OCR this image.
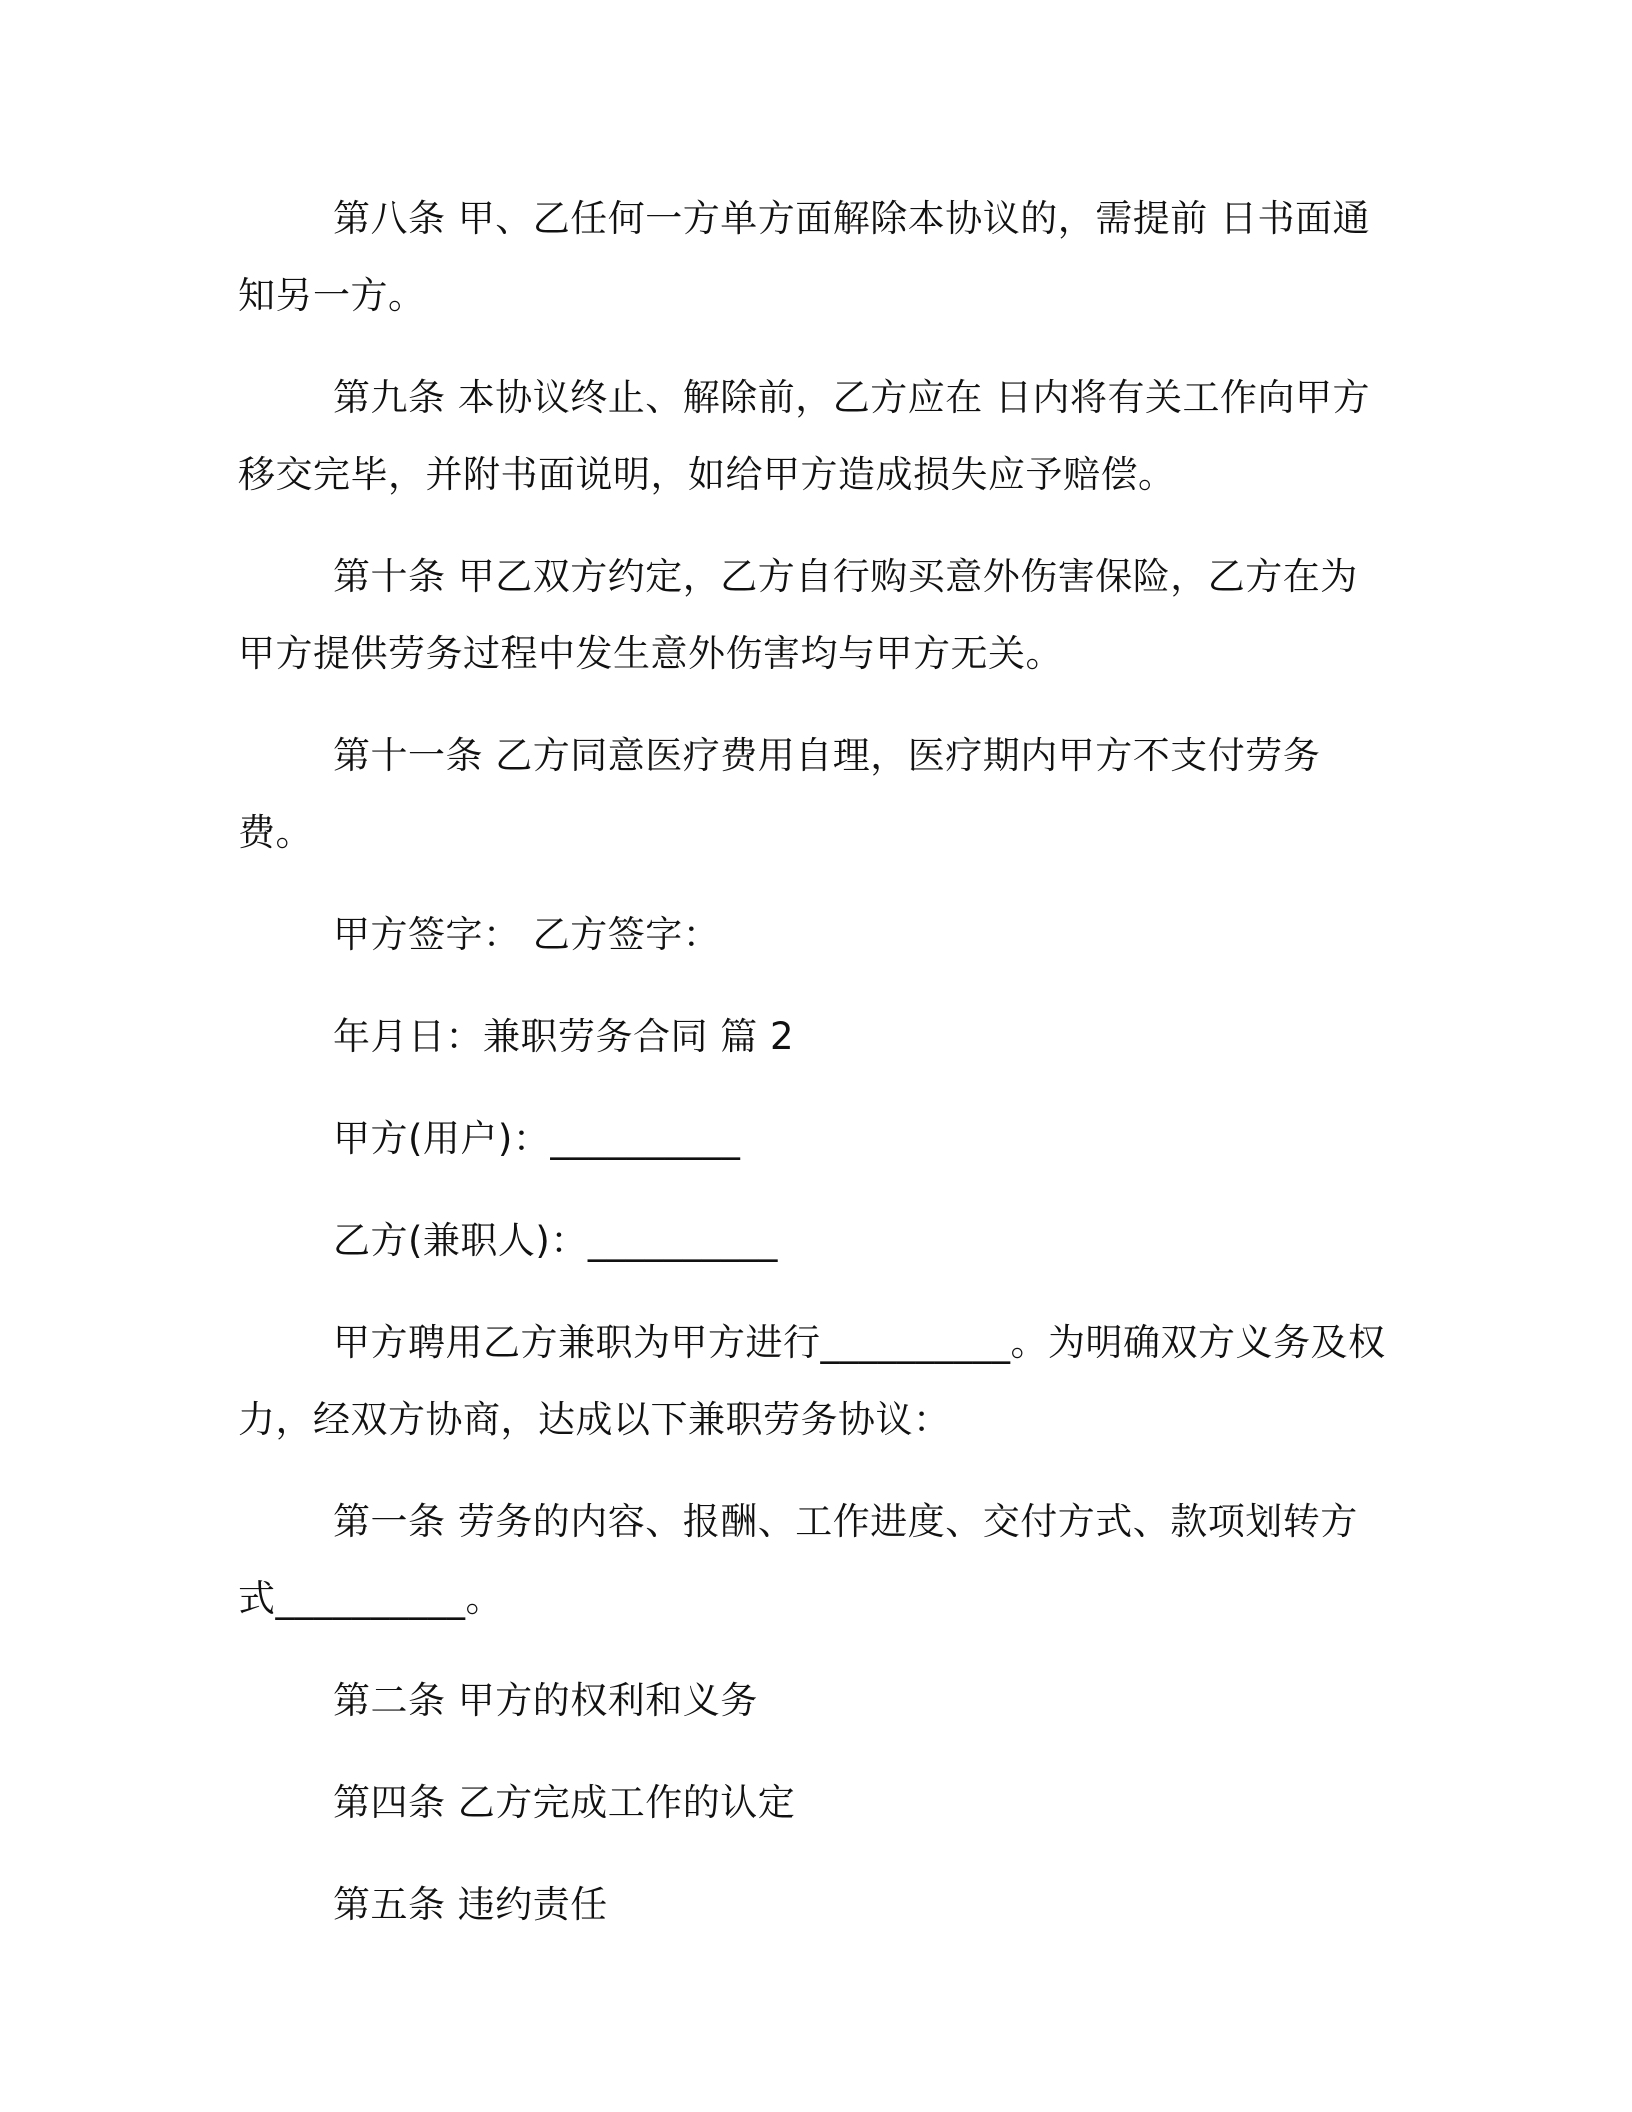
第八条 甲、乙任何一方单方面解除本协议的，需提前 日书面通知另一方。

第九条 本协议终止、解除前，乙方应在 日内将有关工作向甲方移交完毕，并附书面说明，如给甲方造成损失应予赔偿。

第十条 甲乙双方约定，乙方自行购买意外伤害保险，乙方在为甲方提供劳务过程中发生意外伤害均与甲方无关。

第十一条 乙方同意医疗费用自理，医疗期内甲方不支付劳务费。

甲方签字： 乙方签字：

年月日：兼职劳务合同 篇 2

甲方(用户)：__________

乙方(兼职人)：__________

甲方聘用乙方兼职为甲方进行__________。为明确双方义务及权力，经双方协商，达成以下兼职劳务协议：

第一条 劳务的内容、报酬、工作进度、交付方式、款项划转方式__________。

第二条 甲方的权利和义务

第四条 乙方完成工作的认定

第五条 违约责任
